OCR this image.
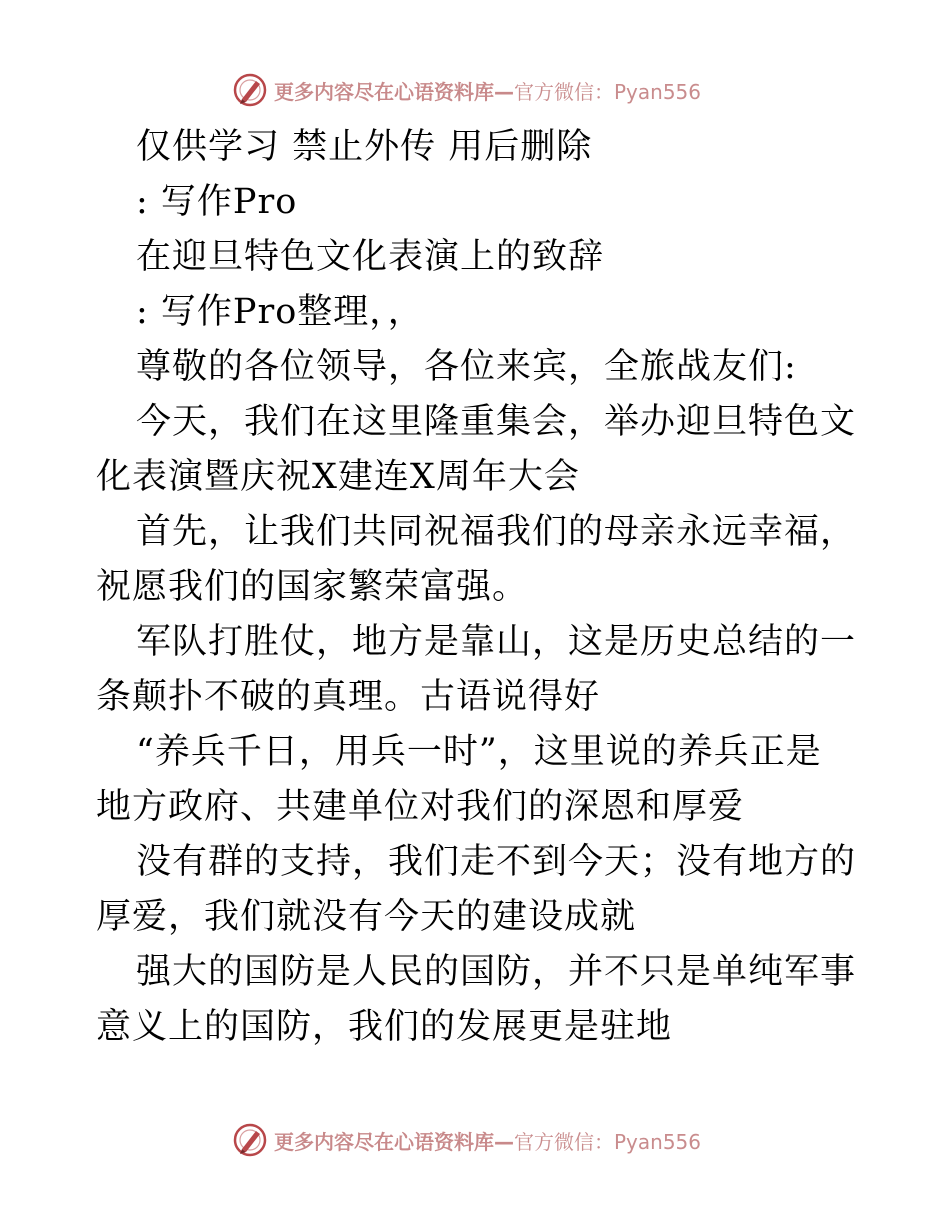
更多内容尽在心语资料库—官方微信：Pyan556

仅供学习 禁止外传 用后删除

: 写作Pro

在迎旦特色文化表演上的致辞

: 写作Pro整理，，

尊敬的各位领导，各位来宾，全旅战友们:

今天，我们在这里隆重集会，举办迎旦特色文化表演暨庆祝X建连X周年大会

首先，让我们共同祝福我们的母亲永远幸福，祝愿我们的国家繁荣富强。

军队打胜仗，地方是靠山，这是历史总结的一条颠扑不破的真理。古语说得好

“养兵千日，用兵一时”，这里说的养兵正是地方政府、共建单位对我们的深恩和厚爱

没有群的支持，我们走不到今天；没有地方的厚爱，我们就没有今天的建设成就

强大的国防是人民的国防，并不只是单纯军事意义上的国防，我们的发展更是驻地

更多内容尽在心语资料库—官方微信：Pyan556
